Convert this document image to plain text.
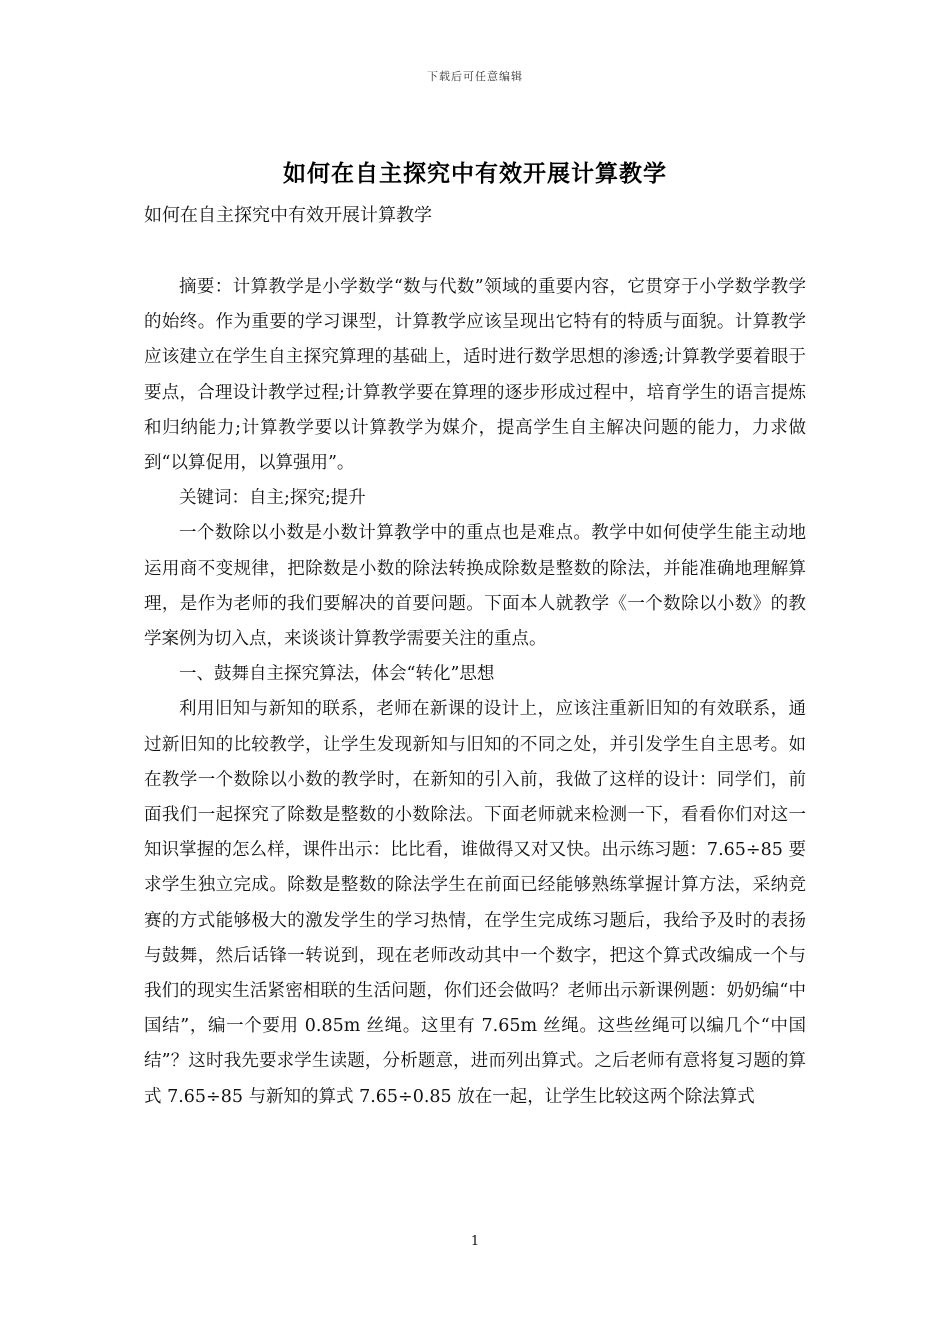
下载后可任意编辑
如何在自主探究中有效开展计算教学
如何在自主探究中有效开展计算教学

摘要：计算教学是小学数学“数与代数”领域的重要内容，它贯穿于小学数学教学的始终。作为重要的学习课型，计算教学应该呈现出它特有的特质与面貌。计算教学应该建立在学生自主探究算理的基础上，适时进行数学思想的渗透;计算教学要着眼于要点，合理设计教学过程;计算教学要在算理的逐步形成过程中，培育学生的语言提炼和归纳能力;计算教学要以计算教学为媒介，提高学生自主解决问题的能力，力求做到“以算促用，以算强用”。

关键词：自主;探究;提升

一个数除以小数是小数计算教学中的重点也是难点。教学中如何使学生能主动地运用商不变规律，把除数是小数的除法转换成除数是整数的除法，并能准确地理解算理，是作为老师的我们要解决的首要问题。下面本人就教学《一个数除以小数》的教学案例为切入点，来谈谈计算教学需要关注的重点。

一、鼓舞自主探究算法，体会“转化”思想

利用旧知与新知的联系，老师在新课的设计上，应该注重新旧知的有效联系，通过新旧知的比较教学，让学生发现新知与旧知的不同之处，并引发学生自主思考。如在教学一个数除以小数的教学时，在新知的引入前，我做了这样的设计：同学们，前面我们一起探究了除数是整数的小数除法。下面老师就来检测一下，看看你们对这一知识掌握的怎么样，课件出示：比比看，谁做得又对又快。出示练习题：7.65÷85 要求学生独立完成。除数是整数的除法学生在前面已经能够熟练掌握计算方法，采纳竞赛的方式能够极大的激发学生的学习热情，在学生完成练习题后，我给予及时的表扬与鼓舞，然后话锋一转说到，现在老师改动其中一个数字，把这个算式改编成一个与我们的现实生活紧密相联的生活问题，你们还会做吗？老师出示新课例题：奶奶编“中国结”，编一个要用 0.85m 丝绳。这里有 7.65m 丝绳。这些丝绳可以编几个“中国结”？这时我先要求学生读题，分析题意，进而列出算式。之后老师有意将复习题的算式 7.65÷85 与新知的算式 7.65÷0.85 放在一起，让学生比较这两个除法算式

1
